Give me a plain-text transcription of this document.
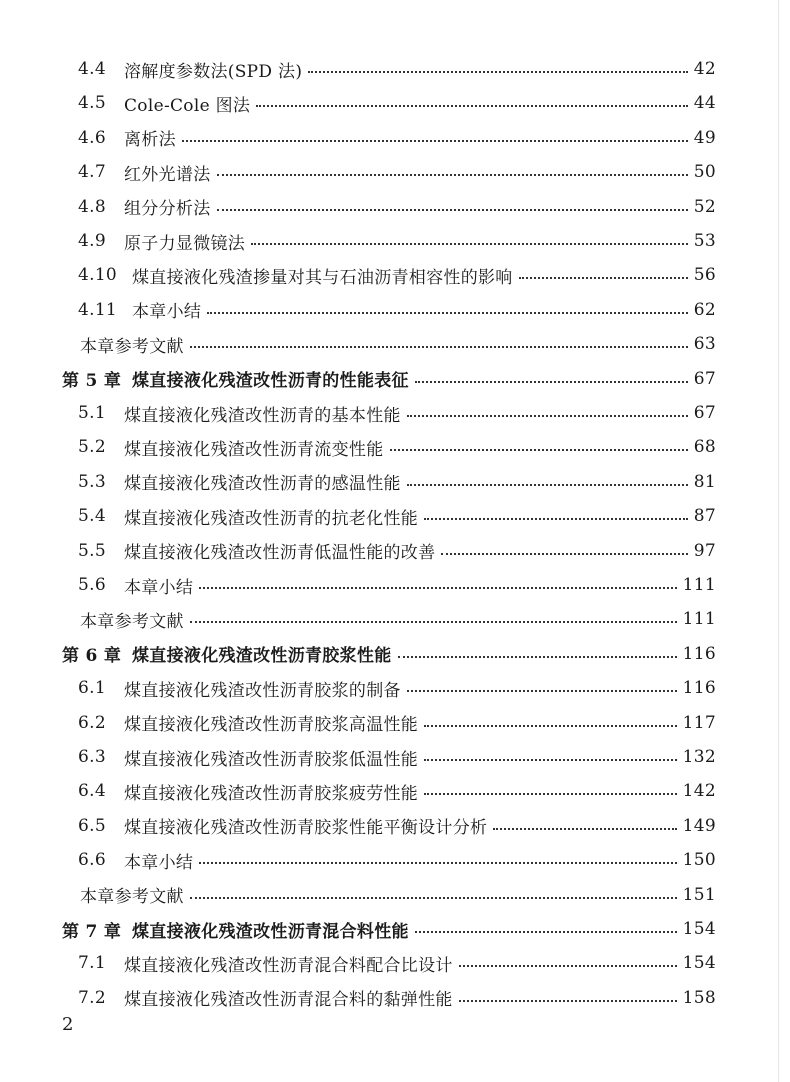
4.4	溶解度参数法(SPD 法)	42
4.5	Cole-Cole 图法	44
4.6	离析法	49
4.7	红外光谱法	50
4.8	组分分析法	52
4.9	原子力显微镜法	53
4.10 煤直接液化残渣掺量对其与石油沥青相容性的影响	56
4.11 本章小结	62
本章参考文献	63
第 5 章 煤直接液化残渣改性沥青的性能表征	67
5.1	煤直接液化残渣改性沥青的基本性能	67
5.2	煤直接液化残渣改性沥青流变性能	68
5.3	煤直接液化残渣改性沥青的感温性能	81
5.4	煤直接液化残渣改性沥青的抗老化性能	87
5.5	煤直接液化残渣改性沥青低温性能的改善	97
5.6	本章小结	111
本章参考文献	111
第 6 章 煤直接液化残渣改性沥青胶浆性能	116
6.1	煤直接液化残渣改性沥青胶浆的制备	116
6.2	煤直接液化残渣改性沥青胶浆高温性能	117
6.3	煤直接液化残渣改性沥青胶浆低温性能	132
6.4	煤直接液化残渣改性沥青胶浆疲劳性能	142
6.5	煤直接液化残渣改性沥青胶浆性能平衡设计分析	149
6.6	本章小结	150
本章参考文献	151
第 7 章 煤直接液化残渣改性沥青混合料性能	154
7.1	煤直接液化残渣改性沥青混合料配合比设计	154
7.2	煤直接液化残渣改性沥青混合料的黏弹性能	158
2
